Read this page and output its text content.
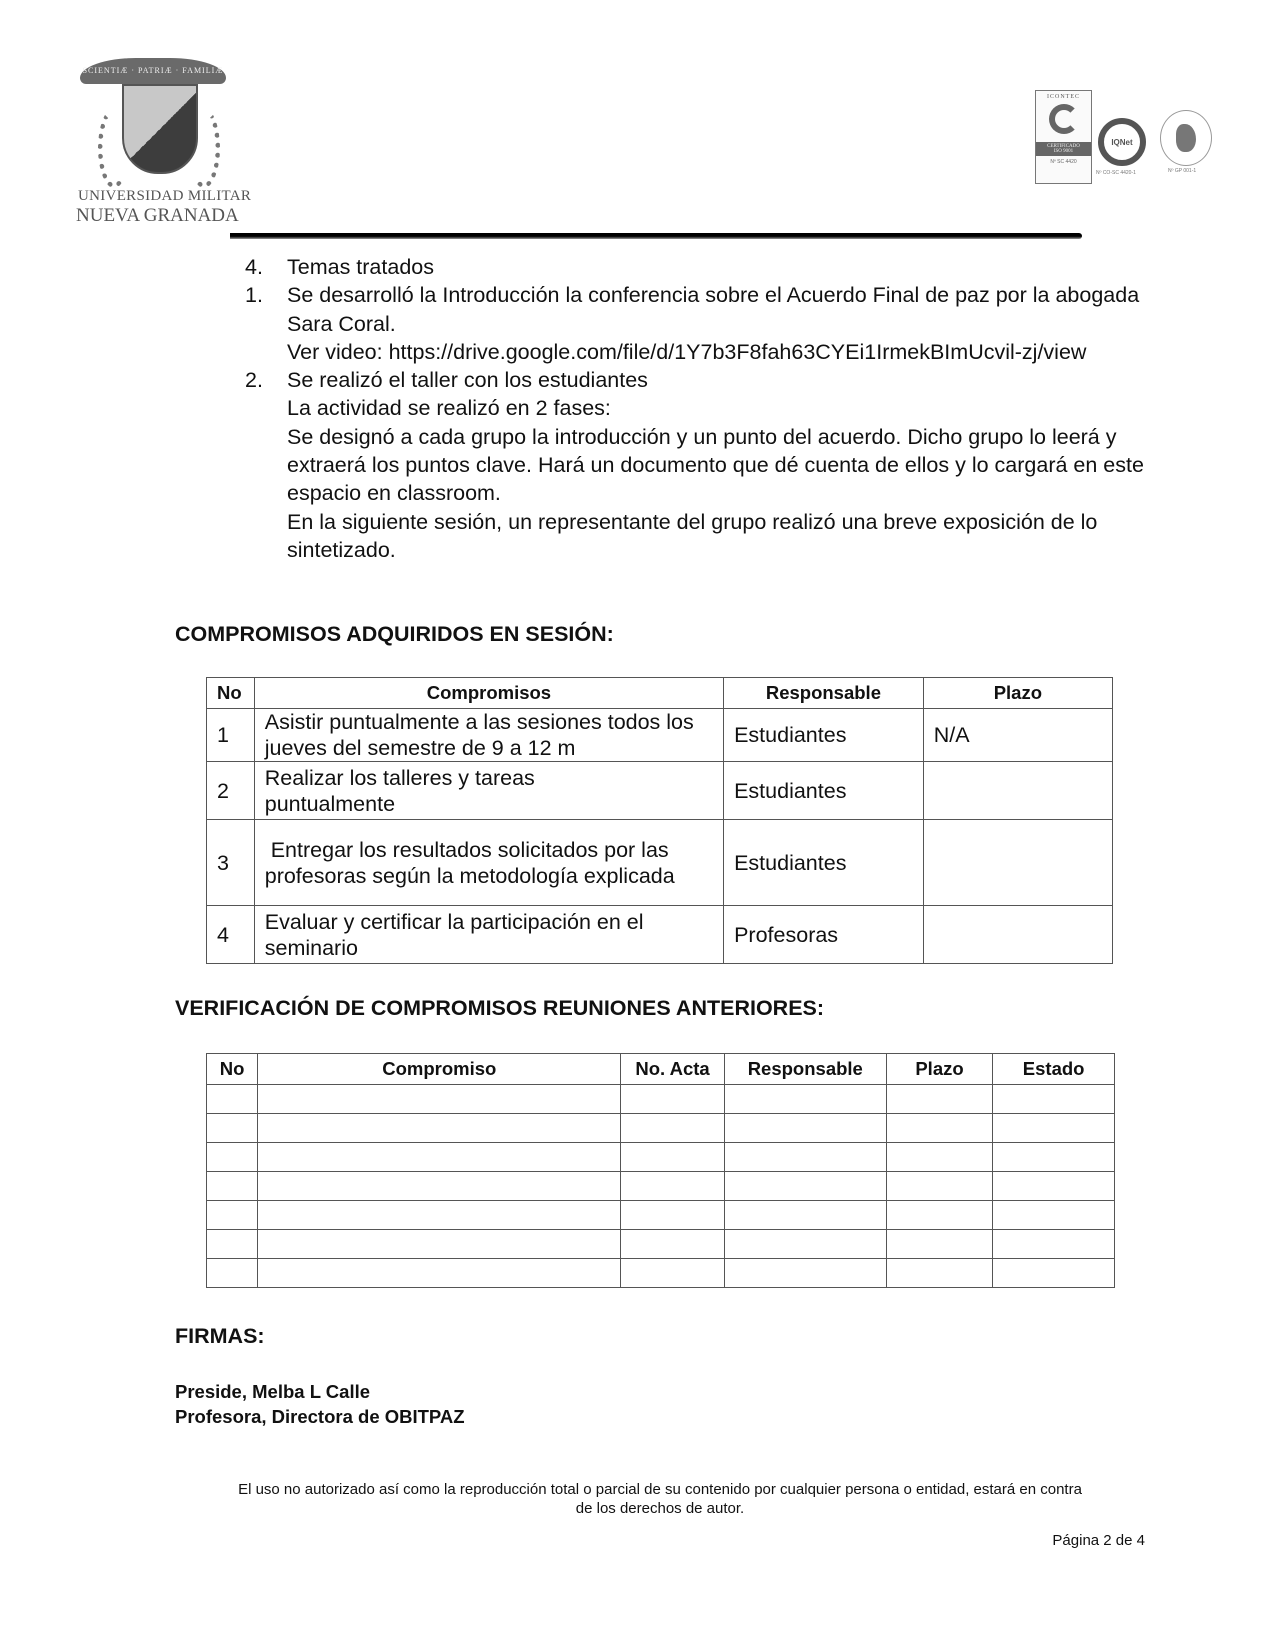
SCIENTIÆ · PATRIÆ · FAMILIÆ
UNIVERSIDAD MILITAR
NUEVA GRANADA
ICONTEC
CERTIFICADO
ISO 9001
Nº SC 4420
IQNet
Nº CO-SC 4420-1	Nº GP 001-1
4.	Temas tratados
1.	Se desarrolló la Introducción la conferencia sobre el Acuerdo Final de paz por la abogada Sara Coral.
Ver video: https://drive.google.com/file/d/1Y7b3F8fah63CYEi1IrmekBImUcvil-zj/view
2.	Se realizó el taller con los estudiantes
La actividad se realizó en 2 fases:
Se designó a cada grupo la introducción y un punto del acuerdo. Dicho grupo lo leerá y extraerá los puntos clave. Hará un documento que dé cuenta de ellos y lo cargará en este espacio en classroom.
En la siguiente sesión, un representante del grupo realizó una breve exposición de lo sintetizado.
COMPROMISOS ADQUIRIDOS EN SESIÓN:
No	Compromisos	Responsable	Plazo
1	Asistir puntualmente a las sesiones todos los jueves del semestre de 9 a 12 m	Estudiantes	N/A
2	Realizar los talleres y tareas puntualmente	Estudiantes	
3	Entregar los resultados solicitados por las profesoras según la metodología explicada	Estudiantes	
4	Evaluar y certificar la participación en el seminario	Profesoras	
VERIFICACIÓN DE COMPROMISOS REUNIONES ANTERIORES:
No	Compromiso	No. Acta	Responsable	Plazo	Estado

FIRMAS:
Preside, Melba L Calle
Profesora, Directora de OBITPAZ
El uso no autorizado así como la reproducción total o parcial de su contenido por cualquier persona o entidad, estará en contra
de los derechos de autor.
Página 2 de 4
